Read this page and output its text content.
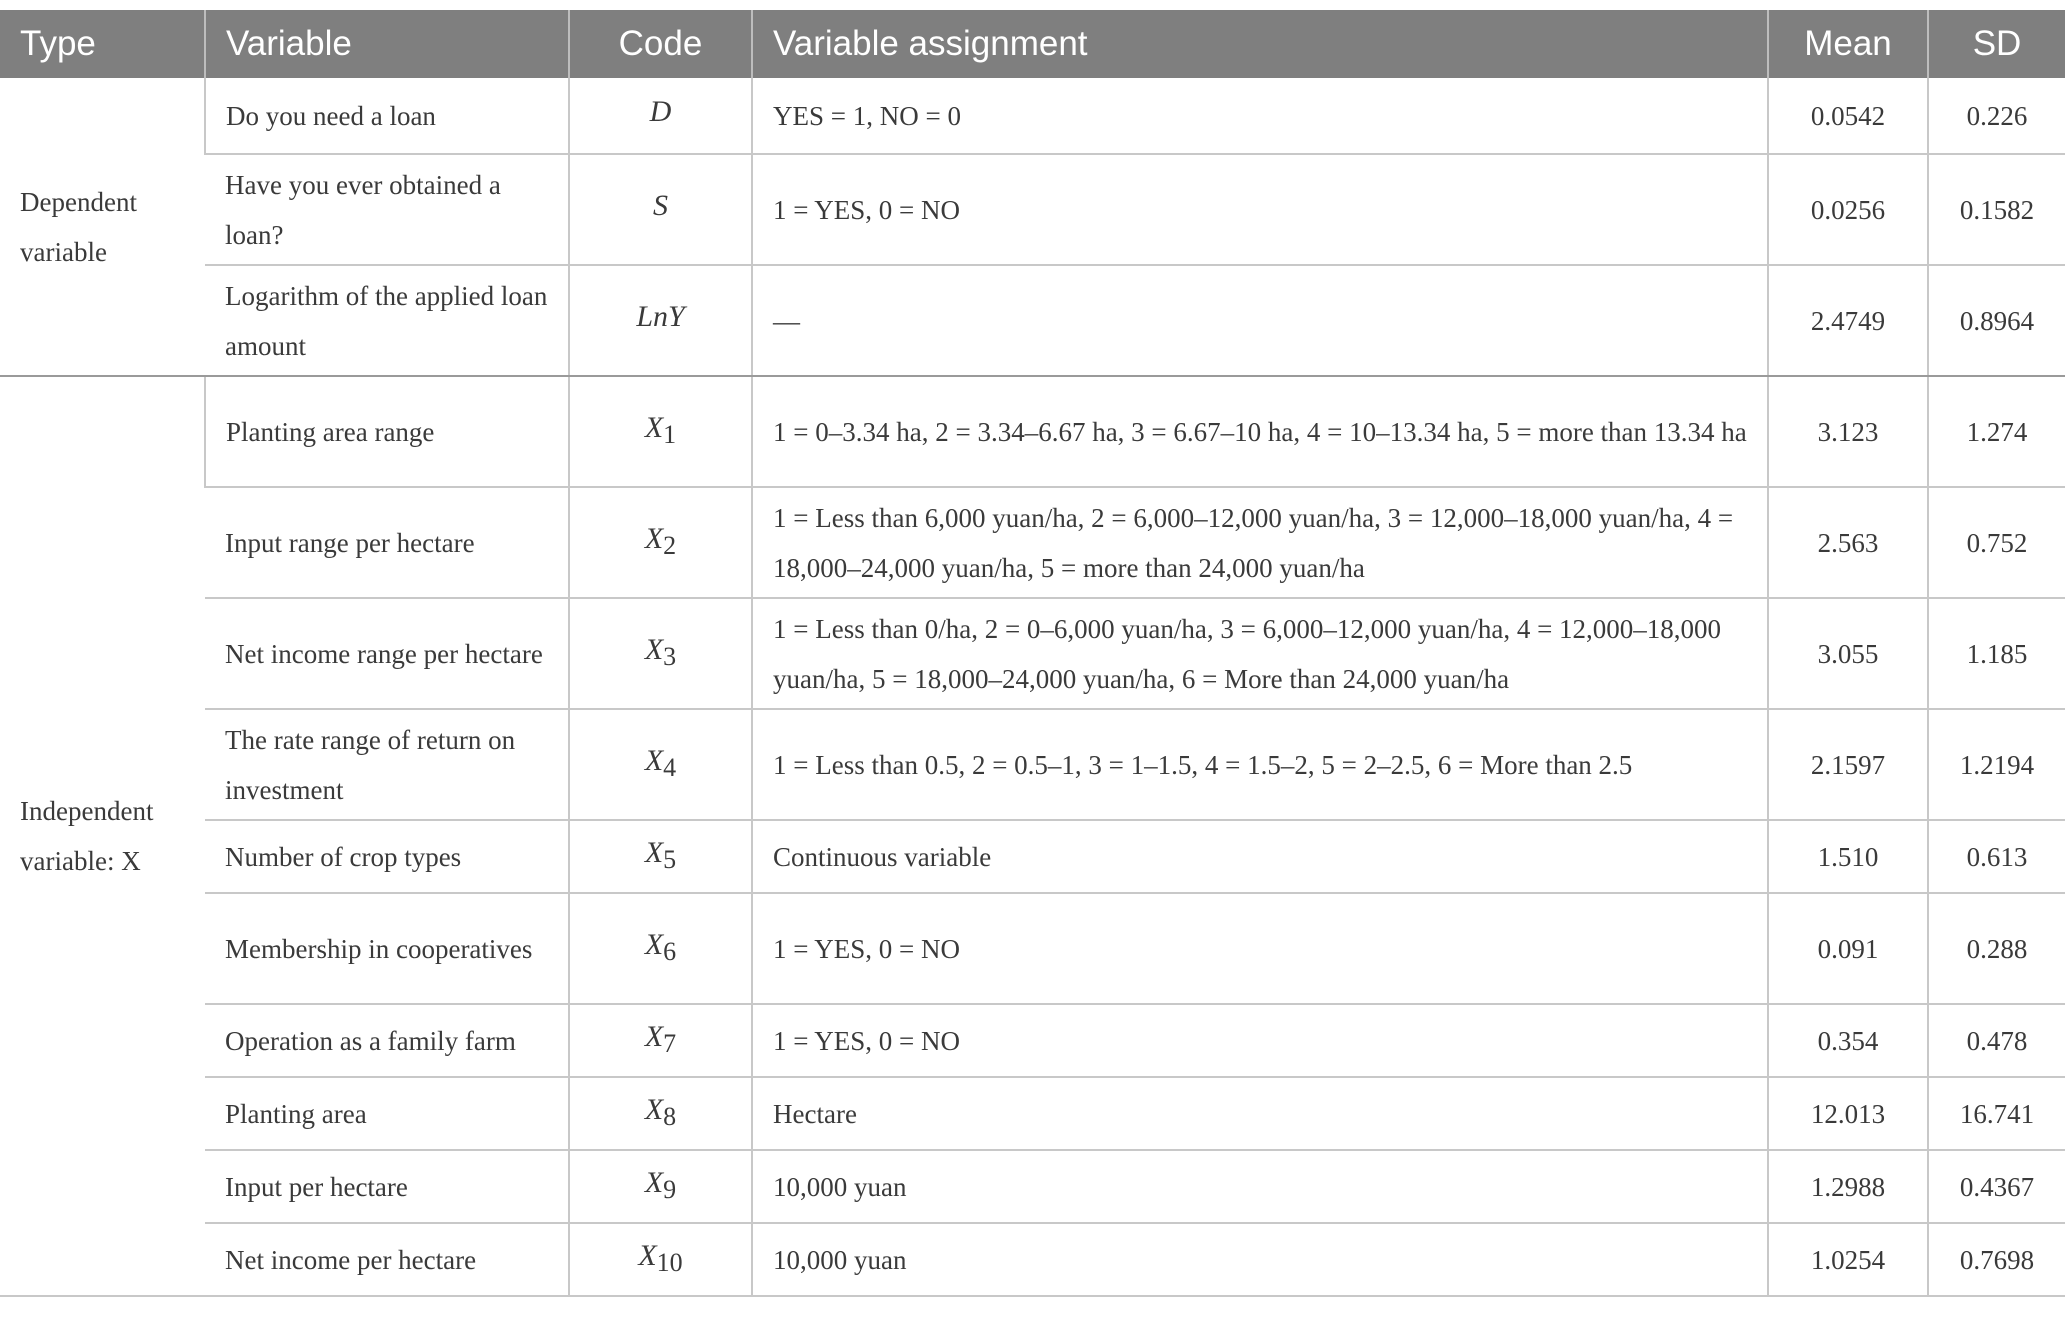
Type	Variable	Code	Variable assignment	Mean	SD
Dependent variable	Do you need a loan	D	YES = 1, NO = 0	0.0542	0.226
	Have you ever obtained a loan?	S	1 = YES, 0 = NO	0.0256	0.1582
	Logarithm of the applied loan amount	LnY	—	2.4749	0.8964
Independent variable: X	Planting area range	$X_1$	1 = 0–3.34 ha, 2 = 3.34–6.67 ha, 3 = 6.67–10 ha, 4 = 10–13.34 ha, 5 = more than 13.34 ha	3.123	1.274
	Input range per hectare	$X_2$	1 = Less than 6,000 yuan/ha, 2 = 6,000–12,000 yuan/ha, 3 = 12,000–18,000 yuan/ha, 4 = 18,000–24,000 yuan/ha, 5 = more than 24,000 yuan/ha	2.563	0.752
	Net income range per hectare	$X_3$	1 = Less than 0/ha, 2 = 0–6,000 yuan/ha, 3 = 6,000–12,000 yuan/ha, 4 = 12,000–18,000 yuan/ha, 5 = 18,000–24,000 yuan/ha, 6 = More than 24,000 yuan/ha	3.055	1.185
	The rate range of return on investment	$X_4$	1 = Less than 0.5, 2 = 0.5–1, 3 = 1–1.5, 4 = 1.5–2, 5 = 2–2.5, 6 = More than 2.5	2.1597	1.2194
	Number of crop types	$X_5$	Continuous variable	1.510	0.613
	Membership in cooperatives	$X_6$	1 = YES, 0 = NO	0.091	0.288
	Operation as a family farm	$X_7$	1 = YES, 0 = NO	0.354	0.478
	Planting area	$X_8$	Hectare	12.013	16.741
	Input per hectare	$X_9$	10,000 yuan	1.2988	0.4367
	Net income per hectare	$X_{10}$	10,000 yuan	1.0254	0.7698
